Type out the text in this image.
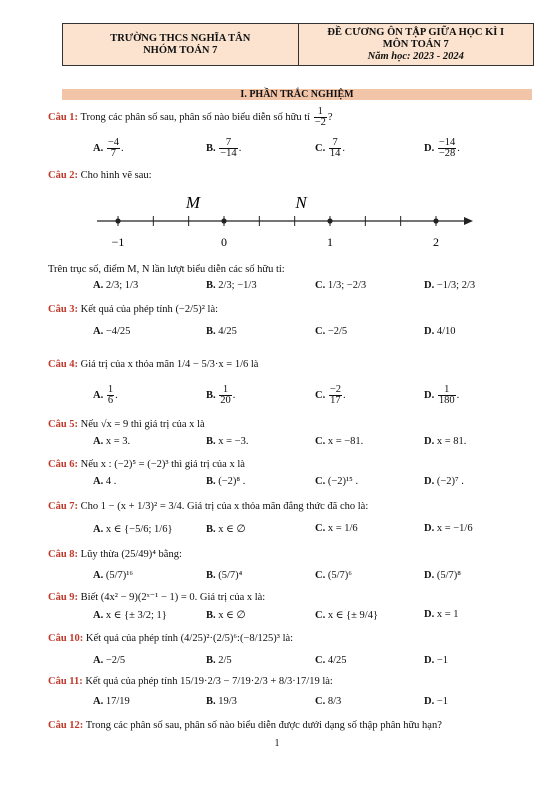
TRƯỜNG THCS NGHĨA TÂN
NHÓM TOÁN 7
ĐỀ CƯƠNG ÔN TẬP GIỮA HỌC KÌ I
MÔN TOÁN 7
Năm học: 2023 - 2024
I. PHẦN TRẮC NGHIỆM
Câu 1: Trong các phân số sau, phân số nào biểu diễn số hữu tỉ $\frac{1}{-2}$ ?
A. $\frac{-4}{7}$ .	B. $\frac{7}{-14}$ .	C. $\frac{7}{14}$ .	D. $\frac{-14}{-28}$ .
Câu 2: Cho hình vẽ sau:
M	N
−1	0	1	2
Trên trục số, điểm M, N lần lượt biểu diễn các số hữu tỉ:
A. 2/3; 1/3	B. 2/3; −1/3	C. 1/3; −2/3	D. −1/3; 2/3
Câu 3: Kết quả của phép tính (−2/5)² là:
A. −4/25	B. 4/25	C. −2/5	D. 4/10
Câu 4: Giá trị của x thỏa mãn 1/4 − 5/3·x = 1/6 là
A. $\frac{1}{6}$ .	B. $\frac{1}{20}$ .	C. $\frac{-2}{17}$ .	D. $\frac{1}{180}$ .
Câu 5: Nếu √x = 9 thì giá trị của x là
A. x = 3.	B. x = −3.	C. x = −81.	D. x = 81.
Câu 6: Nếu x : (−2)⁵ = (−2)³ thì giá trị của x là
A. 4 .	B. (−2)⁸ .	C. (−2)¹⁵ .	D. (−2)⁷ .
Câu 7: Cho 1 − (x + 1/3)² = 3/4. Giá trị của x thỏa mãn đẳng thức đã cho là:
A. x ∈ {−5/6; 1/6}	B. x ∈ ∅	C. x = 1/6	D. x = −1/6
Câu 8: Lũy thừa (25/49)⁴ bằng:
A. (5/7)¹⁶	B. (5/7)⁴	C. (5/7)⁶	D. (5/7)⁸
Câu 9: Biết (4x² − 9)(2ˣ⁻¹ − 1) = 0. Giá trị của x là:
A. x ∈ {± 3/2; 1}	B. x ∈ ∅	C. x ∈ {± 9/4}	D. x = 1
Câu 10: Kết quả của phép tính (4/25)²·(2/5)⁶:(−8/125)³ là:
A. −2/5	B. 2/5	C. 4/25	D. −1
Câu 11: Kết quả của phép tính 15/19·2/3 − 7/19·2/3 + 8/3·17/19 là:
A. 17/19	B. 19/3	C. 8/3	D. −1
Câu 12: Trong các phân số sau, phân số nào biểu diễn được dưới dạng số thập phân hữu hạn?
1
